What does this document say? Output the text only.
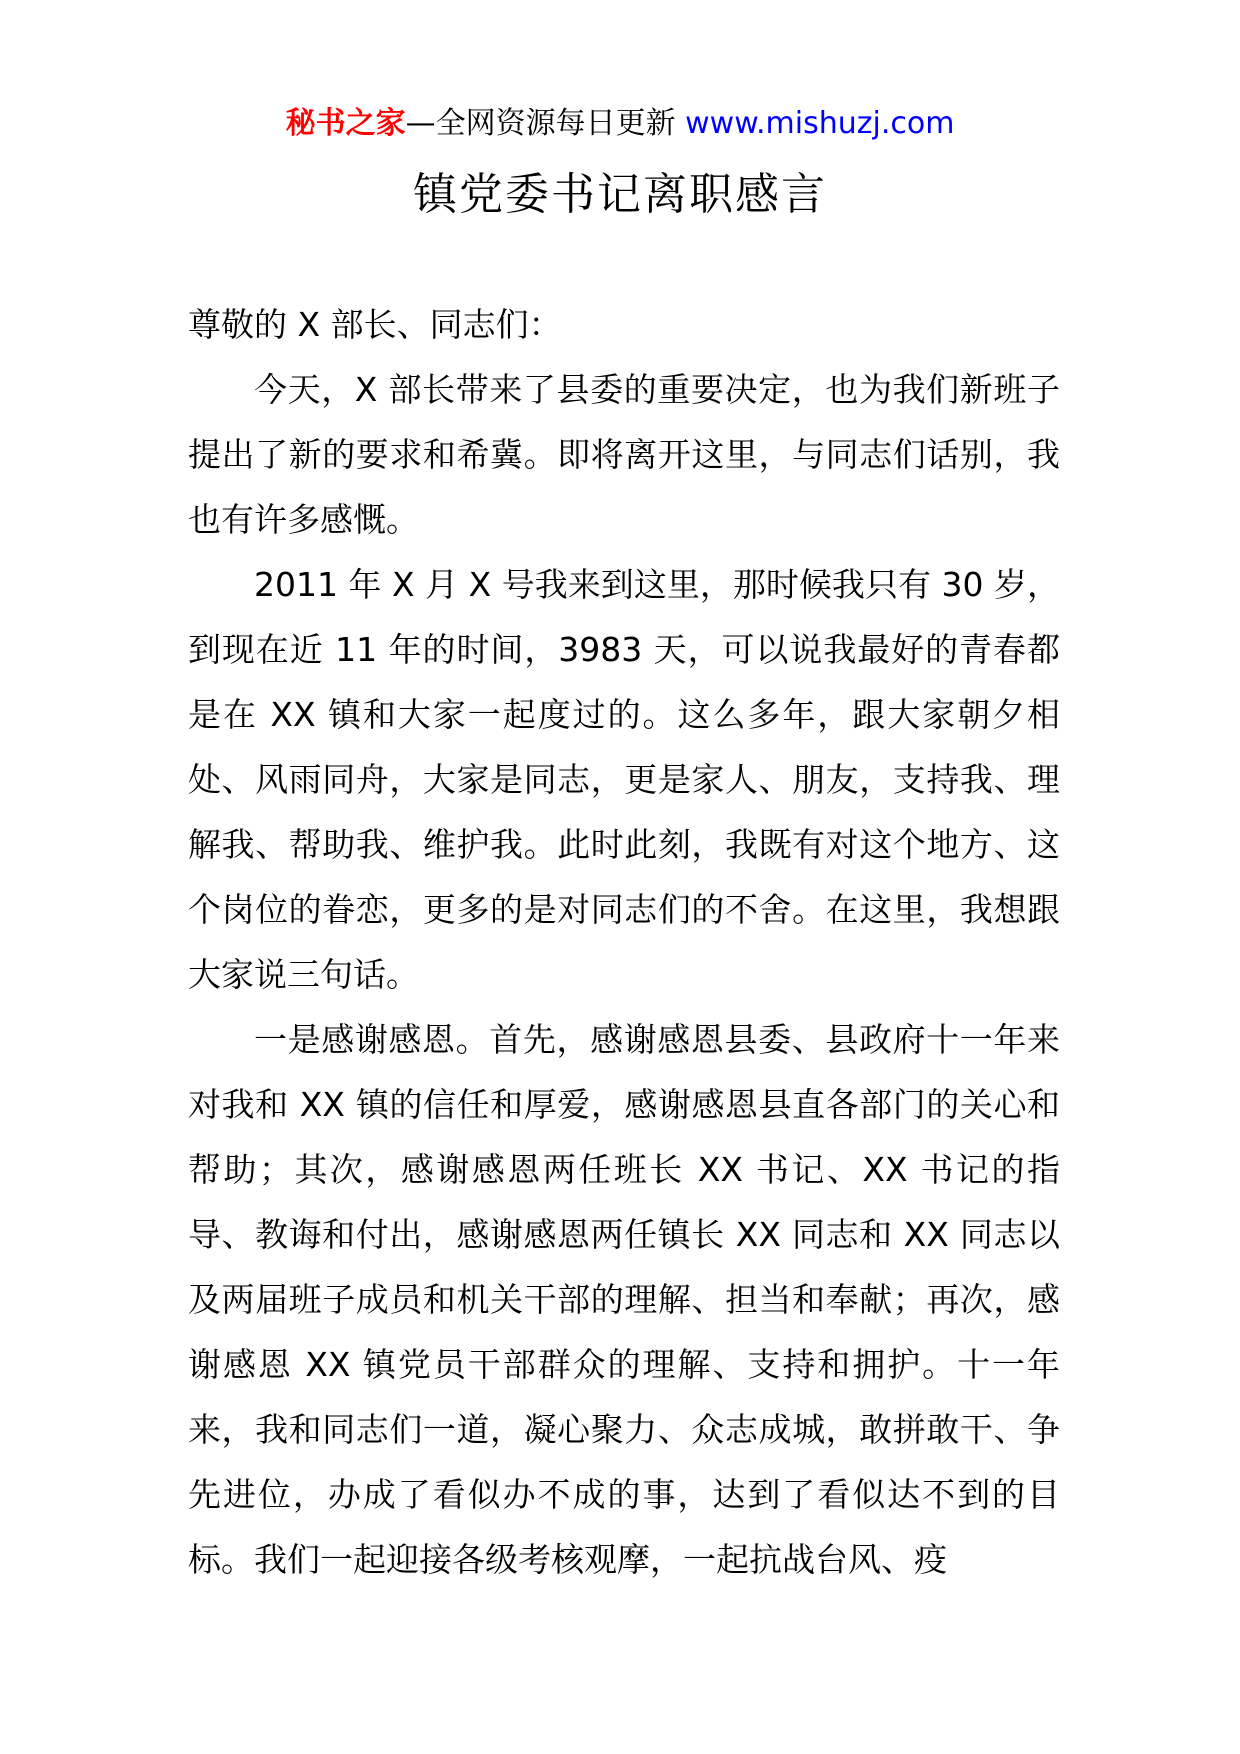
秘书之家—全网资源每日更新 www.mishuzj.com
镇党委书记离职感言

尊敬的 X 部长、同志们：

今天，X 部长带来了县委的重要决定，也为我们新班子提出了新的要求和希冀。即将离开这里，与同志们话别，我也有许多感慨。

2011 年 X 月 X 号我来到这里，那时候我只有 30 岁，到现在近 11 年的时间，3983 天，可以说我最好的青春都是在 XX 镇和大家一起度过的。这么多年，跟大家朝夕相处、风雨同舟，大家是同志，更是家人、朋友，支持我、理解我、帮助我、维护我。此时此刻，我既有对这个地方、这个岗位的眷恋，更多的是对同志们的不舍。在这里，我想跟大家说三句话。

一是感谢感恩。首先，感谢感恩县委、县政府十一年来对我和 XX 镇的信任和厚爱，感谢感恩县直各部门的关心和帮助；其次，感谢感恩两任班长 XX 书记、XX 书记的指导、教诲和付出，感谢感恩两任镇长 XX 同志和 XX 同志以及两届班子成员和机关干部的理解、担当和奉献；再次，感谢感恩 XX 镇党员干部群众的理解、支持和拥护。十一年来，我和同志们一道，凝心聚力、众志成城，敢拼敢干、争先进位，办成了看似办不成的事，达到了看似达不到的目标。我们一起迎接各级考核观摩，一起抗战台风、疫
